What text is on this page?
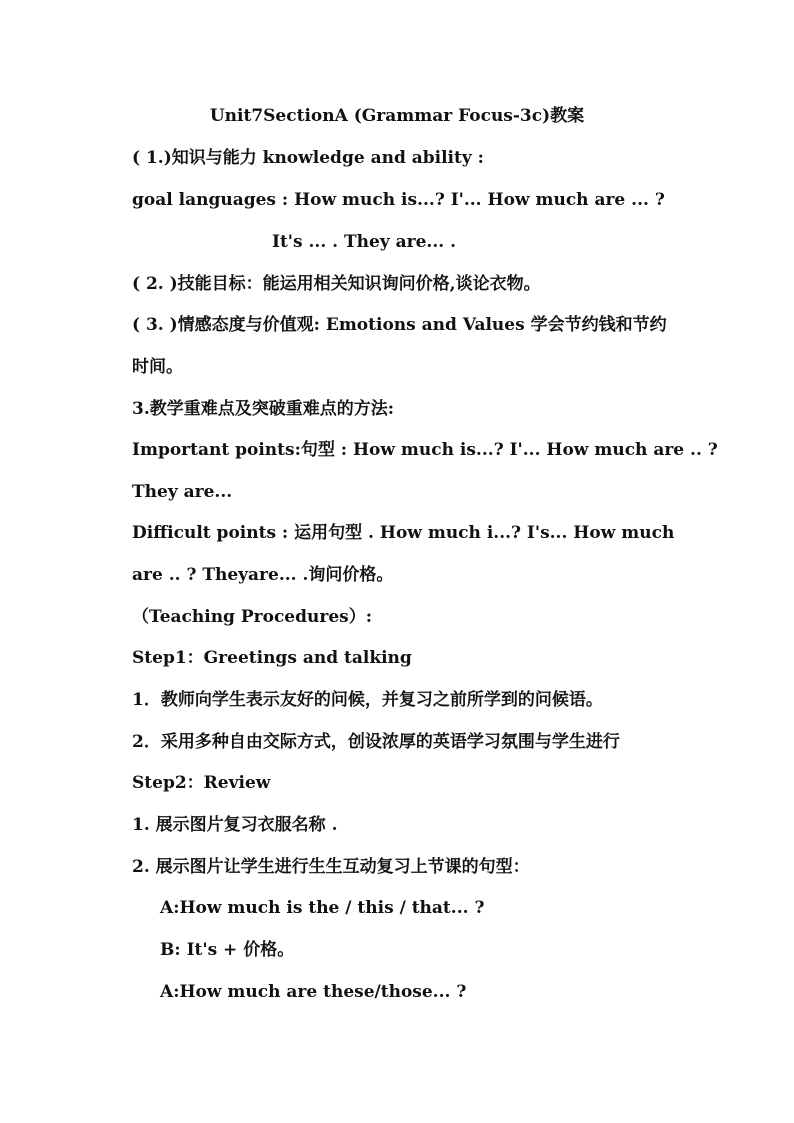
Unit7SectionA (Grammar Focus-3c)教案
( 1.)知识与能力 knowledge and ability :
goal languages : How much is...? I'... How much are ... ?
It's ... . They are... .
( 2. )技能目标：能运用相关知识询问价格,谈论衣物。
( 3. )情感态度与价值观: Emotions and Values 学会节约钱和节约
时间。
3.教学重难点及突破重难点的方法:
Important points:句型 : How much is...? I'... How much are .. ?
They are...
Difficult points : 运用句型 . How much i...? I's... How much
are .. ? Theyare... .询问价格。
（Teaching Procedures）:
Step1：Greetings and talking
1．教师向学生表示友好的问候，并复习之前所学到的问候语。
2．采用多种自由交际方式，创设浓厚的英语学习氛围与学生进行
Step2：Review
1. 展示图片复习衣服名称 .
2. 展示图片让学生进行生生互动复习上节课的句型：
A:How much is the / this / that... ?
B: It's + 价格。
A:How much are these/those... ?
